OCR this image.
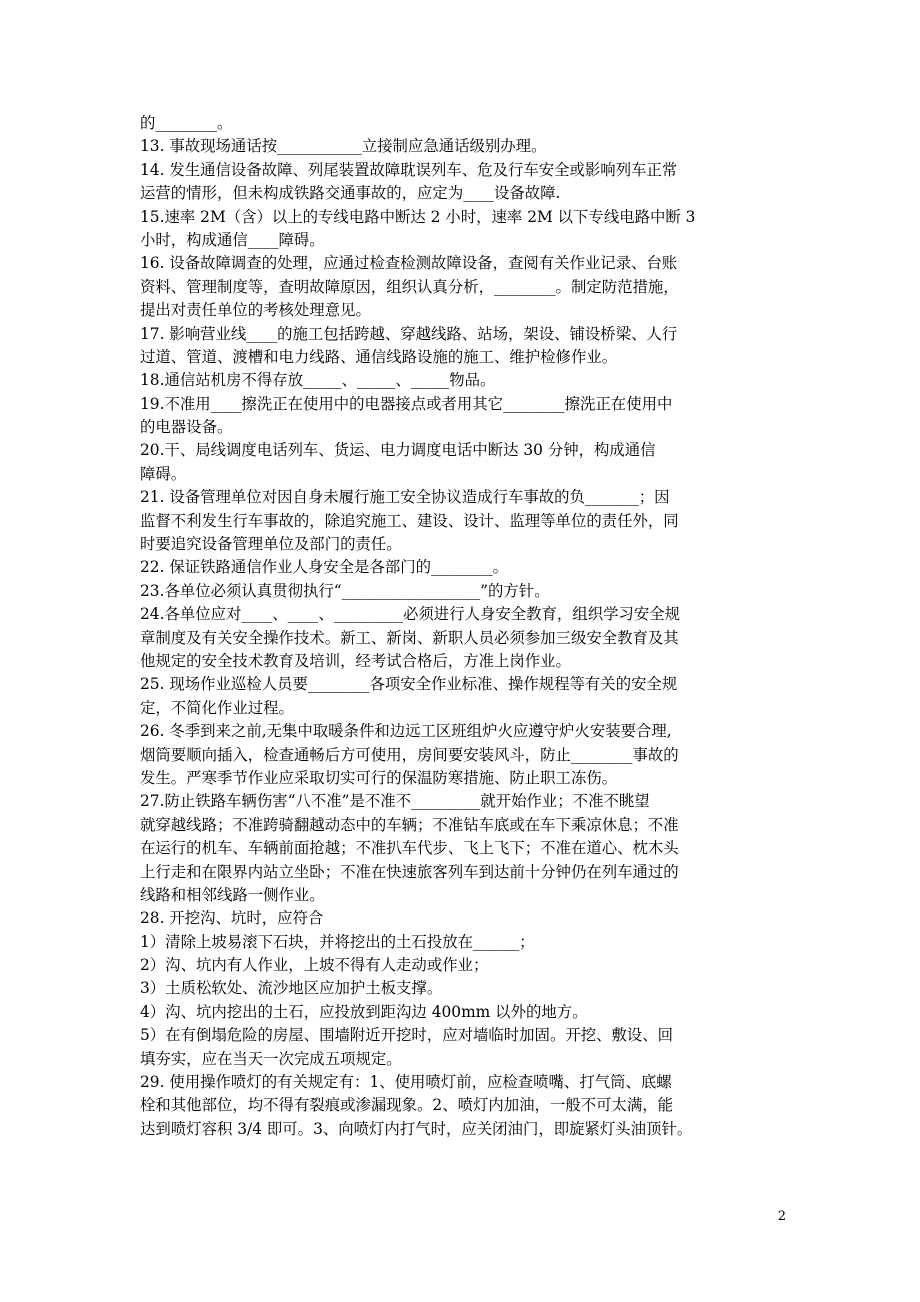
的________。
13. 事故现场通话按___________立接制应急通话级别办理。
14. 发生通信设备故障、列尾装置故障耽误列车、危及行车安全或影响列车正常
运营的情形，但未构成铁路交通事故的，应定为____设备故障.
15.速率 2M（含）以上的专线电路中断达 2 小时，速率 2M 以下专线电路中断 3
小时，构成通信____障碍。
16. 设备故障调查的处理，应通过检查检测故障设备，查阅有关作业记录、台账
资料、管理制度等，查明故障原因，组织认真分析，________。制定防范措施，
提出对责任单位的考核处理意见。
17. 影响营业线____的施工包括跨越、穿越线路、站场，架设、铺设桥梁、人行
过道、管道、渡槽和电力线路、通信线路设施的施工、维护检修作业。
18.通信站机房不得存放_____、_____、_____物品。
19.不准用____擦洗正在使用中的电器接点或者用其它________擦洗正在使用中
的电器设备。
20.干、局线调度电话列车、货运、电力调度电话中断达 30 分钟，构成通信
障碍。
21. 设备管理单位对因自身未履行施工安全协议造成行车事故的负_______；因
监督不利发生行车事故的，除追究施工、建设、设计、监理等单位的责任外，同
时要追究设备管理单位及部门的责任。
22. 保证铁路通信作业人身安全是各部门的________。
23.各单位必须认真贯彻执行“__________________”的方针。
24.各单位应对____、____、_________必须进行人身安全教育，组织学习安全规
章制度及有关安全操作技术。新工、新岗、新职人员必须参加三级安全教育及其
他规定的安全技术教育及培训，经考试合格后，方准上岗作业。
25. 现场作业巡检人员要________各项安全作业标准、操作规程等有关的安全规
定，不简化作业过程。
26. 冬季到来之前,无集中取暖条件和边远工区班组炉火应遵守炉火安装要合理,
烟筒要顺向插入，检查通畅后方可使用，房间要安装风斗，防止________事故的
发生。严寒季节作业应采取切实可行的保温防寒措施、防止职工冻伤。
27.防止铁路车辆伤害“八不准”是不准不_________就开始作业；不准不眺望
就穿越线路；不准跨骑翻越动态中的车辆；不准钻车底或在车下乘凉休息；不准
在运行的机车、车辆前面抢越；不准扒车代步、飞上飞下；不准在道心、枕木头
上行走和在限界内站立坐卧；不准在快速旅客列车到达前十分钟仍在列车通过的
线路和相邻线路一侧作业。
28. 开挖沟、坑时，应符合
1）清除上坡易滚下石块，并将挖出的土石投放在______；
2）沟、坑内有人作业，上坡不得有人走动或作业；
3）土质松软处、流沙地区应加护土板支撑。
4）沟、坑内挖出的土石，应投放到距沟边 400mm 以外的地方。
5）在有倒塌危险的房屋、围墙附近开挖时，应对墙临时加固。开挖、敷设、回
填夯实，应在当天一次完成五项规定。
29. 使用操作喷灯的有关规定有：1、使用喷灯前，应检查喷嘴、打气筒、底螺
栓和其他部位，均不得有裂痕或渗漏现象。2、喷灯内加油，一般不可太满，能
达到喷灯容积 3/4 即可。3、向喷灯内打气时，应关闭油门，即旋紧灯头油顶针。
2
